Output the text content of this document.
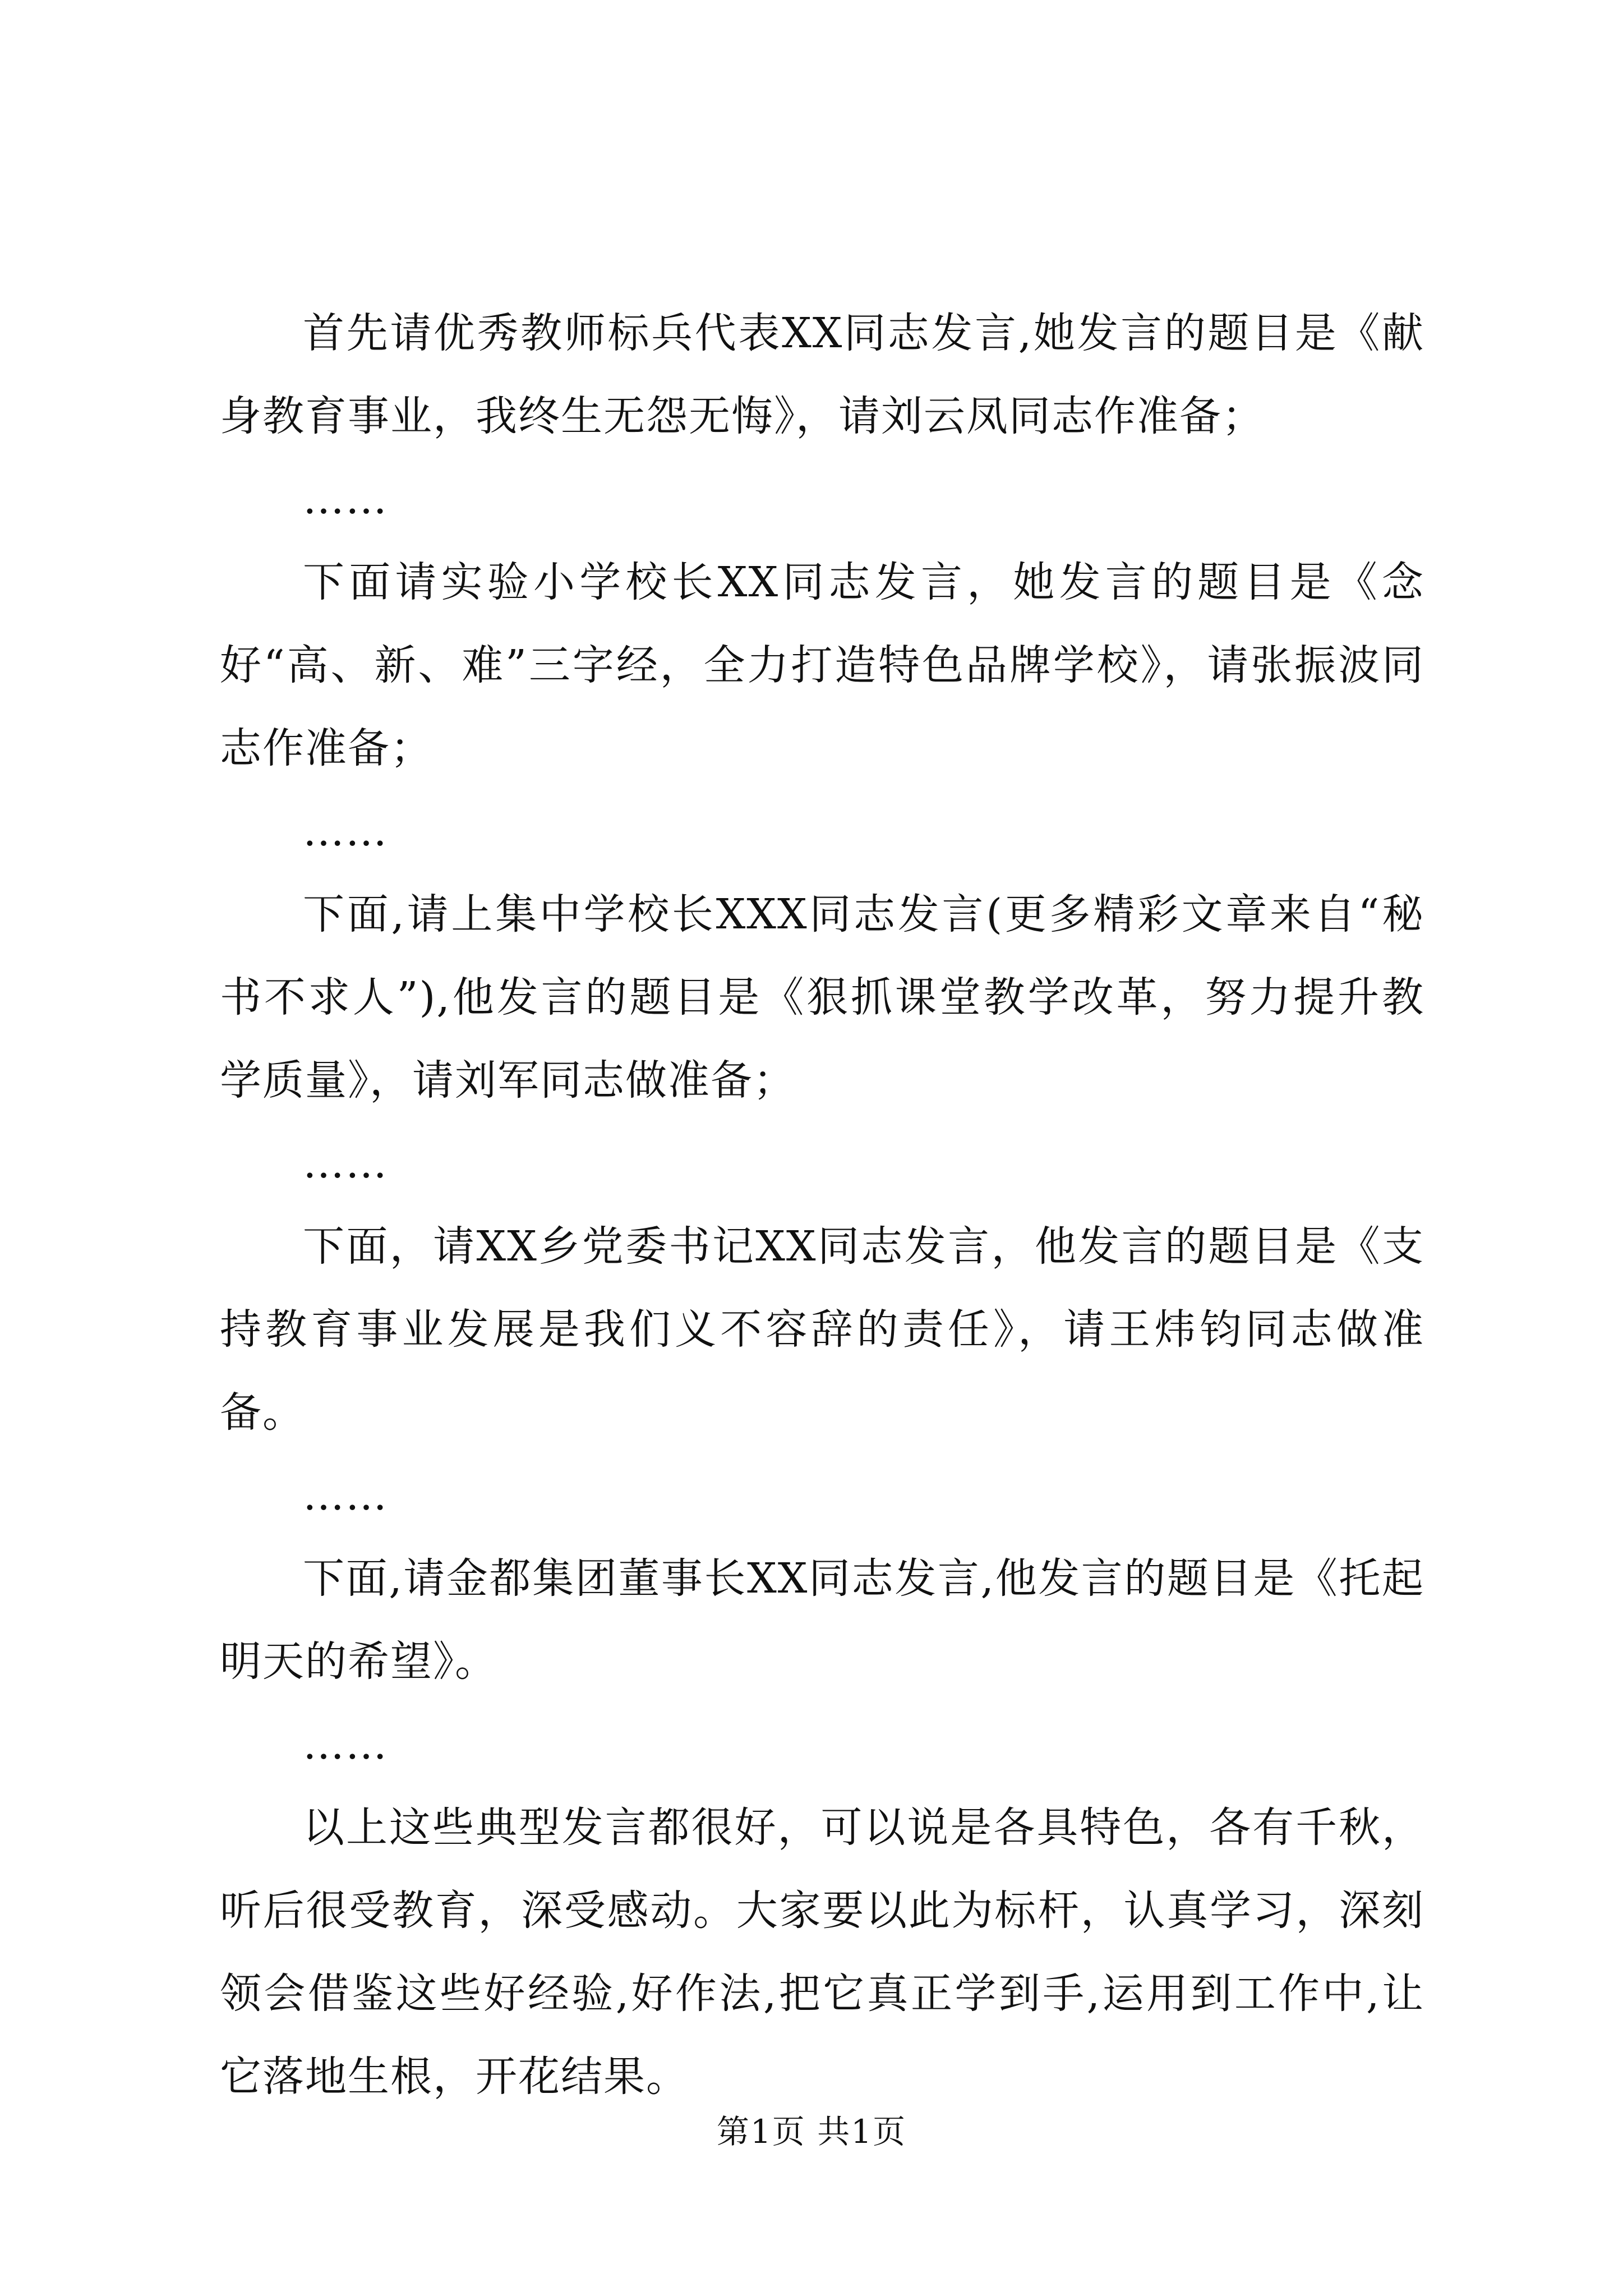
首先请优秀教师标兵代表XX同志发言,她发言的题目是《献身教育事业，我终生无怨无悔》，请刘云凤同志作准备；

……

下面请实验小学校长XX同志发言，她发言的题目是《念好“高、新、难”三字经，全力打造特色品牌学校》，请张振波同志作准备；

……

下面,请上集中学校长XXX同志发言(更多精彩文章来自“秘书不求人”),他发言的题目是《狠抓课堂教学改革，努力提升教学质量》，请刘军同志做准备；

……

下面，请XX乡党委书记XX同志发言，他发言的题目是《支持教育事业发展是我们义不容辞的责任》，请王炜钧同志做准备。

……

下面,请金都集团董事长XX同志发言,他发言的题目是《托起明天的希望》。

……

以上这些典型发言都很好，可以说是各具特色，各有千秋，听后很受教育，深受感动。大家要以此为标杆，认真学习，深刻领会借鉴这些好经验,好作法,把它真正学到手,运用到工作中,让它落地生根，开花结果。

第1页 共1页
